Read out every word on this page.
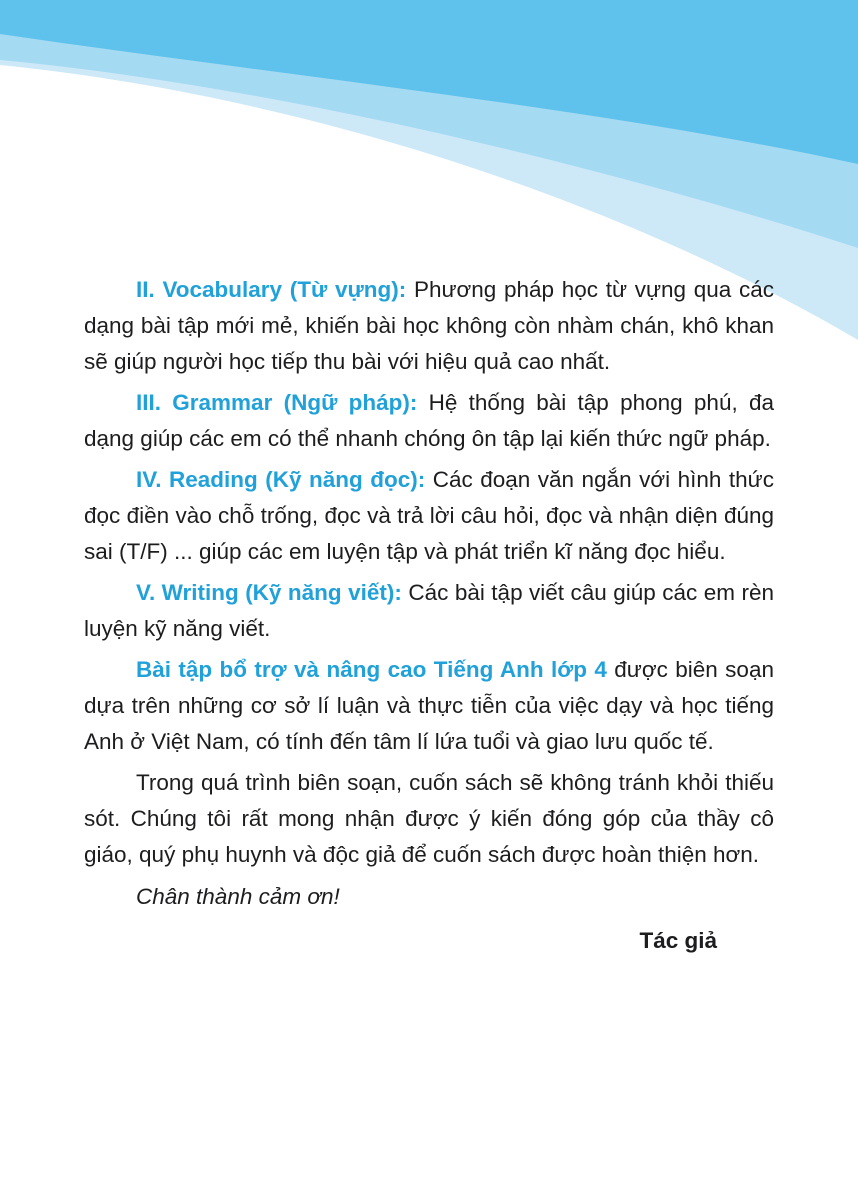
II. Vocabulary (Từ vựng): Phương pháp học từ vựng qua các dạng bài tập mới mẻ, khiến bài học không còn nhàm chán, khô khan sẽ giúp người học tiếp thu bài với hiệu quả cao nhất.

III. Grammar (Ngữ pháp): Hệ thống bài tập phong phú, đa dạng giúp các em có thể nhanh chóng ôn tập lại kiến thức ngữ pháp.

IV. Reading (Kỹ năng đọc): Các đoạn văn ngắn với hình thức đọc điền vào chỗ trống, đọc và trả lời câu hỏi, đọc và nhận diện đúng sai (T/F) ... giúp các em luyện tập và phát triển kĩ năng đọc hiểu.

V. Writing (Kỹ năng viết): Các bài tập viết câu giúp các em rèn luyện kỹ năng viết.

Bài tập bổ trợ và nâng cao Tiếng Anh lớp 4 được biên soạn dựa trên những cơ sở lí luận và thực tiễn của việc dạy và học tiếng Anh ở Việt Nam, có tính đến tâm lí lứa tuổi và giao lưu quốc tế.

Trong quá trình biên soạn, cuốn sách sẽ không tránh khỏi thiếu sót. Chúng tôi rất mong nhận được ý kiến đóng góp của thầy cô giáo, quý phụ huynh và độc giả để cuốn sách được hoàn thiện hơn.

Chân thành cảm ơn!

Tác giả
